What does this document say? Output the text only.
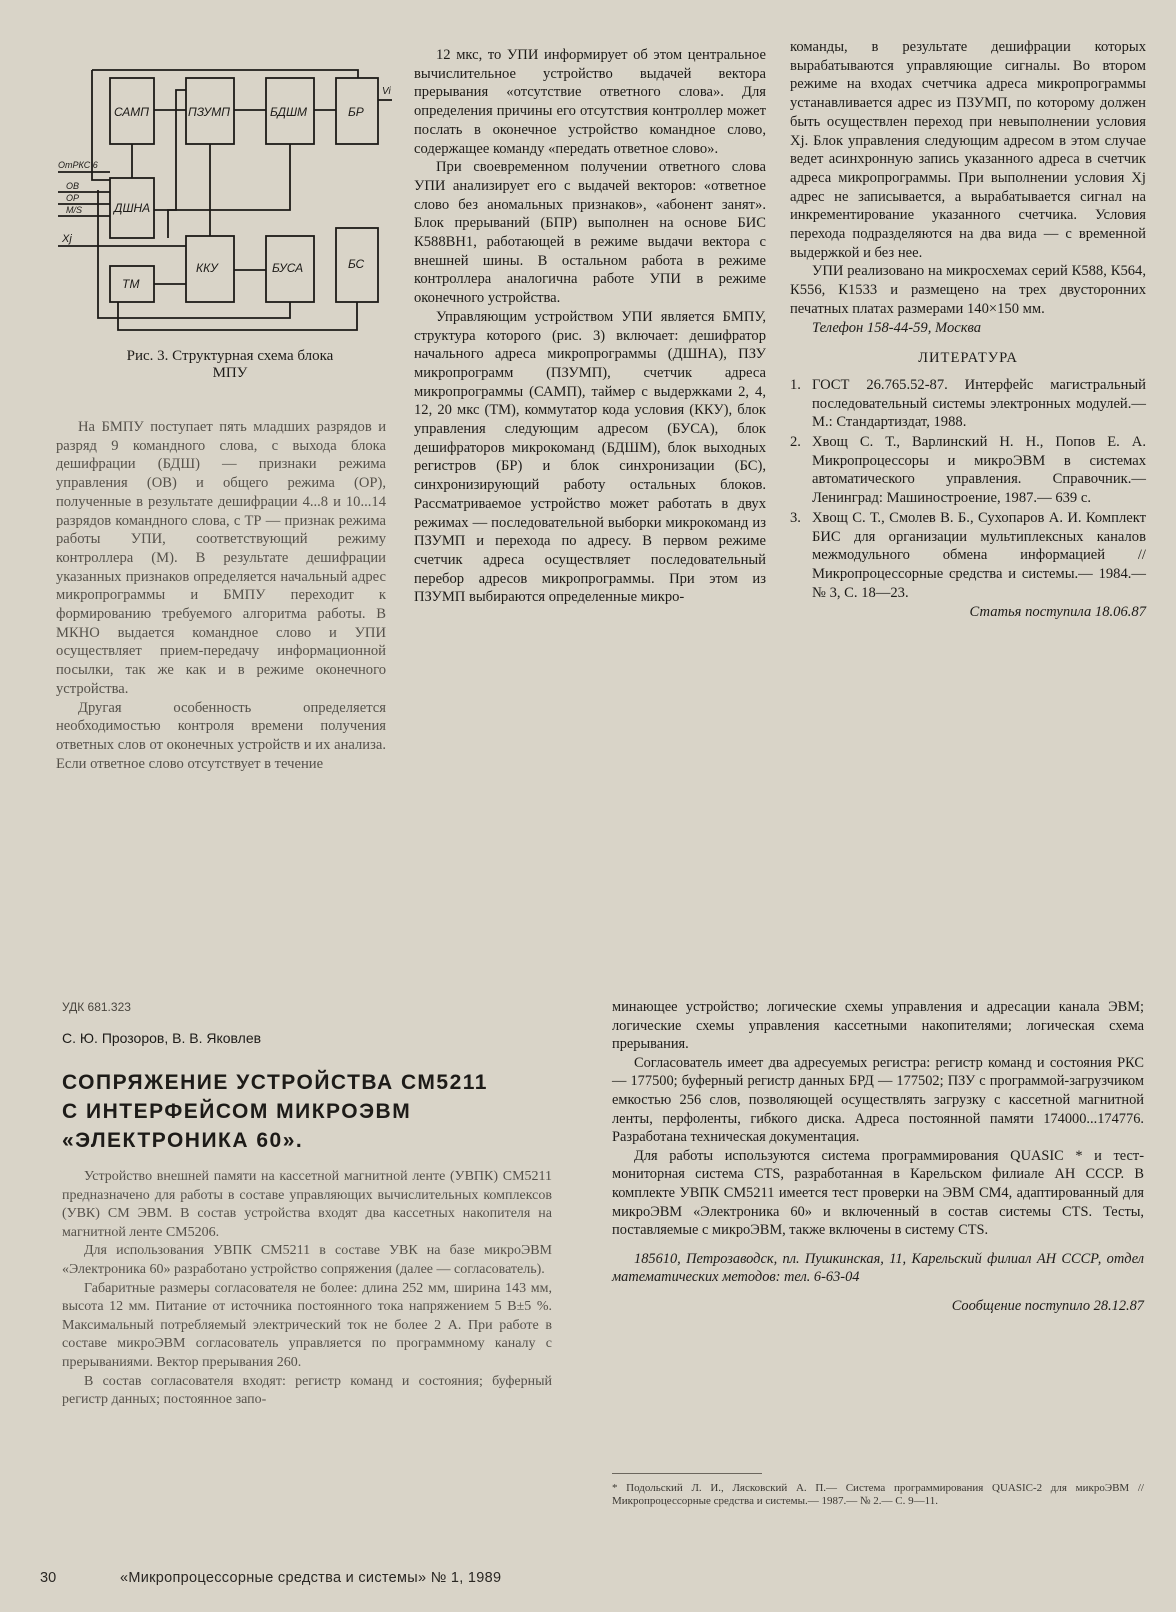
САМП	ПЗУМП	БДШМ	БР
ДШНА
ККУ	БУСА	БС
ТМ
ОтРКС 6
ОВ
ОР
М/S
Xj
Vi
Рис. 3. Структурная схема блока
МПУ

На БМПУ поступает пять младших разрядов и разряд 9 командного слова, с выхода блока дешифрации (БДШ) — признаки режима управления (ОВ) и общего режима (ОР), полученные в результате дешифрации 4...8 и 10...14 разрядов командного слова, с ТР — признак режима работы УПИ, соответствующий режиму контроллера (М). В результате дешифрации указанных признаков определяется начальный адрес микропрограммы и БМПУ переходит к формированию требуемого алгоритма работы. В МКНО выдается командное слово и УПИ осуществляет прием-передачу информационной посылки, так же как и в режиме оконечного устройства.

Другая особенность определяется необходимостью контроля времени получения ответных слов от оконечных устройств и их анализа. Если ответное слово отсутствует в течение

12 мкс, то УПИ информирует об этом центральное вычислительное устройство выдачей вектора прерывания «отсутствие ответного слова». Для определения причины его отсутствия контроллер может послать в оконечное устройство командное слово, содержащее команду «передать ответное слово».

При своевременном получении ответного слова УПИ анализирует его с выдачей векторов: «ответное слово без аномальных признаков», «абонент занят». Блок прерываний (БПР) выполнен на основе БИС К588ВН1, работающей в режиме выдачи вектора с внешней шины. В остальном работа в режиме контроллера аналогична работе УПИ в режиме оконечного устройства.

Управляющим устройством УПИ является БМПУ, структура которого (рис. 3) включает: дешифратор начального адреса микропрограммы (ДШНА), ПЗУ микропрограмм (ПЗУМП), счетчик адреса микропрограммы (САМП), таймер с выдержками 2, 4, 12, 20 мкс (ТМ), коммутатор кода условия (ККУ), блок управления следующим адресом (БУСА), блок дешифраторов микрокоманд (БДШМ), блок выходных регистров (БР) и блок синхронизации (БС), синхронизирующий работу остальных блоков. Рассматриваемое устройство может работать в двух режимах — последовательной выборки микрокоманд из ПЗУМП и перехода по адресу. В первом режиме счетчик адреса осуществляет последовательный перебор адресов микропрограммы. При этом из ПЗУМП выбираются определенные микро-

команды, в результате дешифрации которых вырабатываются управляющие сигналы. Во втором режиме на входах счетчика адреса микропрограммы устанавливается адрес из ПЗУМП, по которому должен быть осуществлен переход при невыполнении условия Xj. Блок управления следующим адресом в этом случае ведет асинхронную запись указанного адреса в счетчик адреса микропрограммы. При выполнении условия Xj адрес не записывается, а вырабатывается сигнал на инкрементирование указанного счетчика. Условия перехода подразделяются на два вида — с временной выдержкой и без нее.

УПИ реализовано на микросхемах серий К588, К564, К556, К1533 и размещено на трех двусторонних печатных платах размерами 140×150 мм.

Телефон 158-44-59, Москва

ЛИТЕРАТУРА
1. ГОСТ 26.765.52-87. Интерфейс магистральный последовательный системы электронных модулей.— М.: Стандартиздат, 1988.
2. Хвощ С. Т., Варлинский Н. Н., Попов Е. А. Микропроцессоры и микроЭВМ в системах автоматического управления. Справочник.— Ленинград: Машиностроение, 1987.— 639 с.
3. Хвощ С. Т., Смолев В. Б., Сухопаров А. И. Комплект БИС для организации мультиплексных каналов межмодульного обмена информацией // Микропроцессорные средства и системы.— 1984.— № 3, С. 18—23.
Статья поступила 18.06.87
УДК 681.323
С. Ю. Прозоров, В. В. Яковлев
СОПРЯЖЕНИЕ УСТРОЙСТВА СМ5211
С ИНТЕРФЕЙСОМ МИКРОЭВМ
«ЭЛЕКТРОНИКА 60».

Устройство внешней памяти на кассетной магнитной ленте (УВПК) СМ5211 предназначено для работы в составе управляющих вычислительных комплексов (УВК) СМ ЭВМ. В состав устройства входят два кассетных накопителя на магнитной ленте СМ5206.

Для использования УВПК СМ5211 в составе УВК на базе микроЭВМ «Электроника 60» разработано устройство сопряжения (далее — согласователь).

Габаритные размеры согласователя не более: длина 252 мм, ширина 143 мм, высота 12 мм. Питание от источника постоянного тока напряжением 5 В±5 %. Максимальный потребляемый электрический ток не более 2 А. При работе в составе микроЭВМ согласователь управляется по программному каналу с прерываниями. Вектор прерывания 260.

В состав согласователя входят: регистр команд и состояния; буферный регистр данных; постоянное запо-

минающее устройство; логические схемы управления и адресации канала ЭВМ; логические схемы управления кассетными накопителями; логическая схема прерывания.

Согласователь имеет два адресуемых регистра: регистр команд и состояния РКС — 177500; буферный регистр данных БРД — 177502; ПЗУ с программой-загрузчиком емкостью 256 слов, позволяющей осуществлять загрузку с кассетной магнитной ленты, перфоленты, гибкого диска. Адреса постоянной памяти 174000...174776. Разработана техническая документация.

Для работы используются система программирования QUASIC * и тест-мониторная система CTS, разработанная в Карельском филиале АН СССР. В комплекте УВПК СМ5211 имеется тест проверки на ЭВМ СМ4, адаптированный для микроЭВМ «Электроника 60» и включенный в состав системы CTS. Тесты, поставляемые с микроЭВМ, также включены в систему CTS.

185610, Петрозаводск, пл. Пушкинская, 11, Карельский филиал АН СССР, отдел математических методов: тел. 6-63-04

Сообщение поступило 28.12.87

* Подольский Л. И., Лясковский А. П.— Система программирования QUASIC-2 для микроЭВМ // Микропроцессорные средства и системы.— 1987.— № 2.— С. 9—11.
30	«Микропроцессорные средства и системы» № 1, 1989
